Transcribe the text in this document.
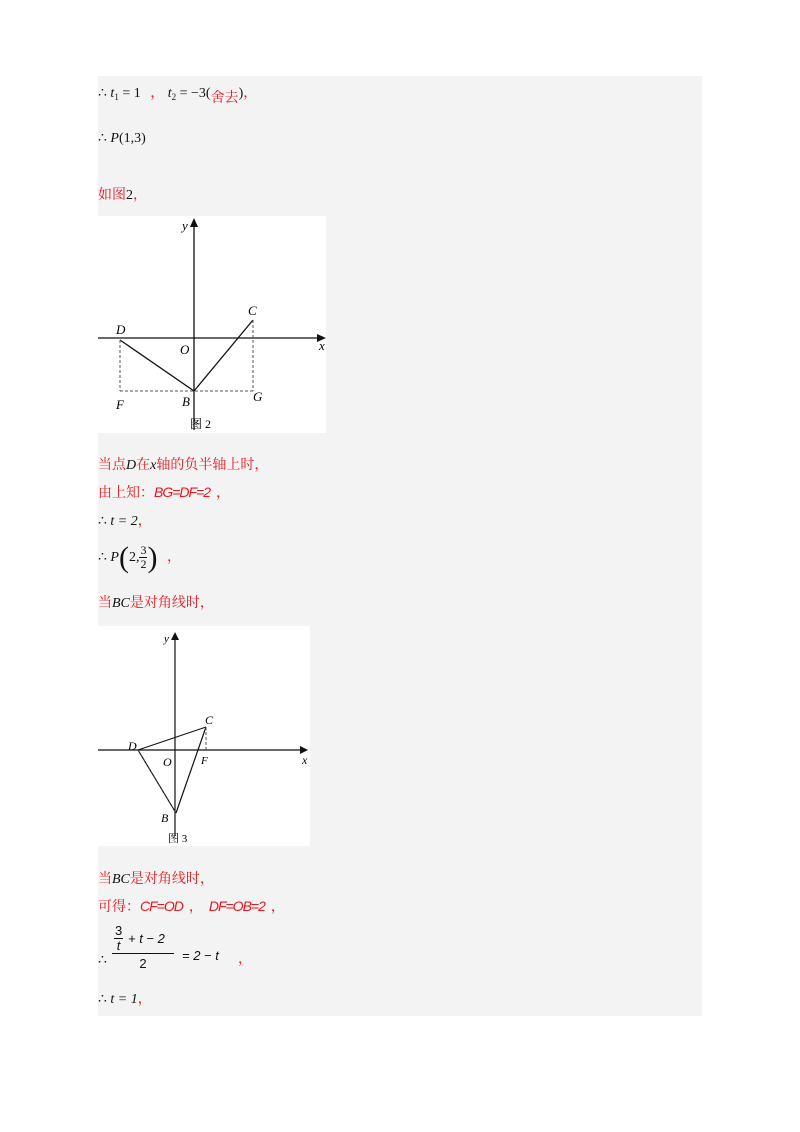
∴ $t_1 = 1$ ， $t_2 = -3$(舍去)，
∴ P(1,3)
如图2，
y
x
O
C
D
B
F
G
图 2
当点D在x轴的负半轴上时，
由上知：BG=DF=2 ，
∴ t = 2，
∴ P(2, $\frac{3}{2}$ ) ，
当BC是对角线时，
y
x
O
C
D
B
F
图 3
当BC是对角线时，
可得：CF=OD ， DF=OB=2 ，
∴
$\frac{3}{t} + t - 2$
2
= 2 − t ，
∴ t = 1，
